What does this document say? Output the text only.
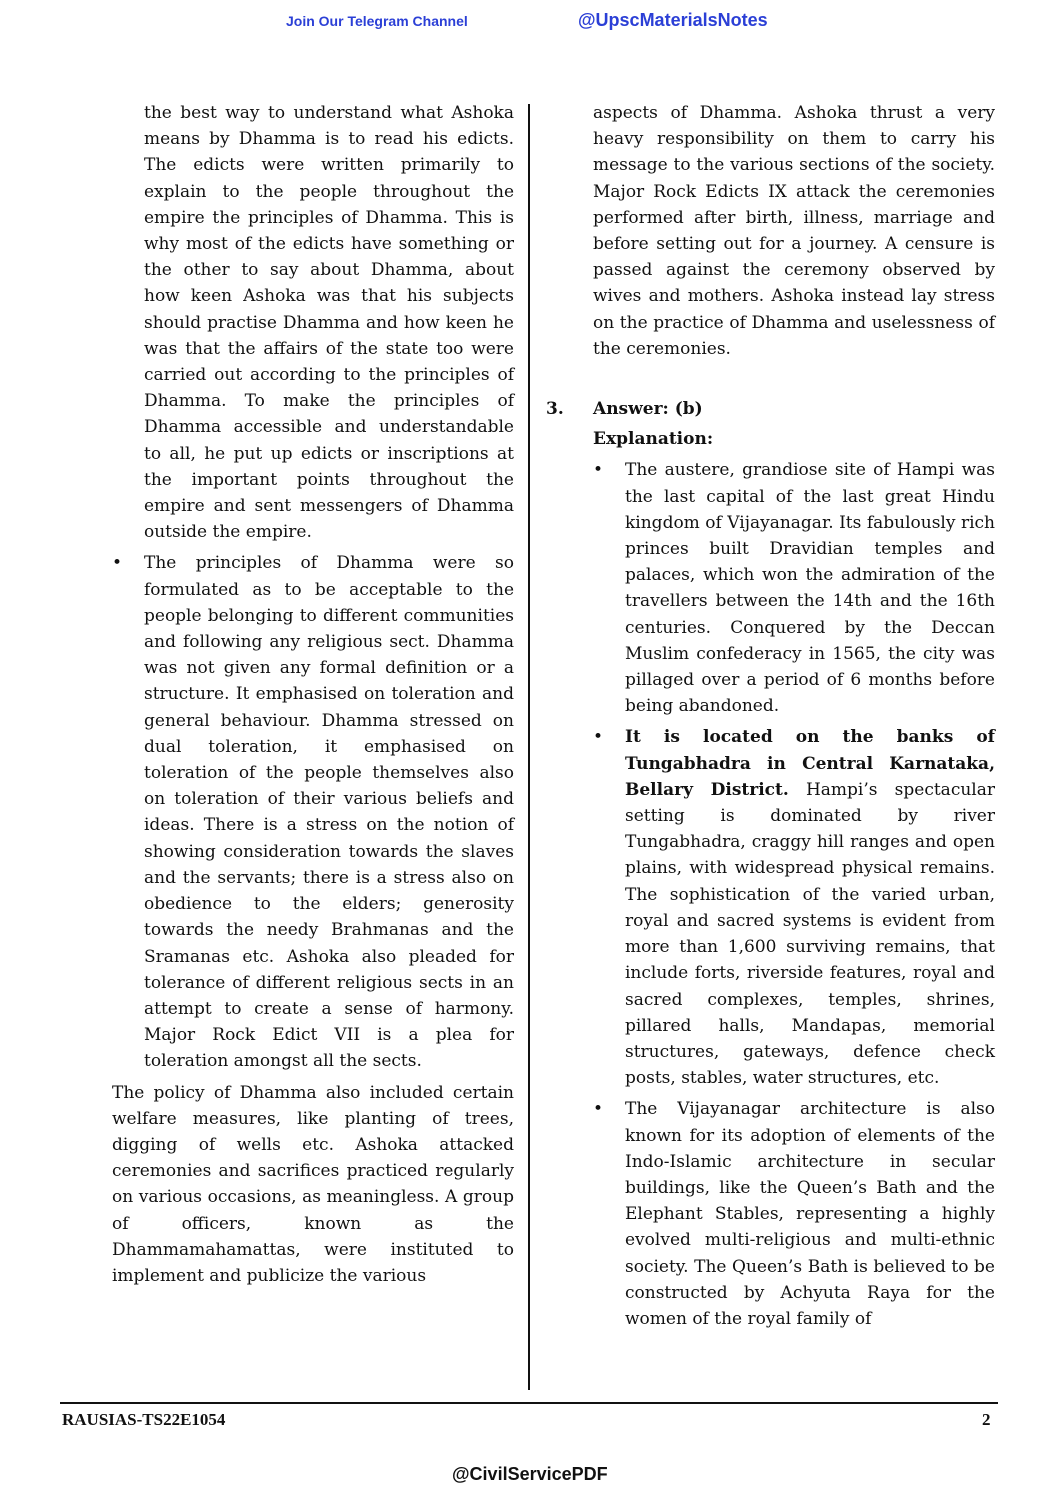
Join Our Telegram Channel	@UpscMaterialsNotes

the best way to understand what Ashoka means by Dhamma is to read his edicts. The edicts were written primarily to explain to the people throughout the empire the principles of Dhamma. This is why most of the edicts have something or the other to say about Dhamma, about how keen Ashoka was that his subjects should practise Dhamma and how keen he was that the affairs of the state too were carried out according to the principles of Dhamma. To make the principles of Dhamma accessible and understandable to all, he put up edicts or inscriptions at the important points throughout the empire and sent messengers of Dhamma outside the empire.

• The principles of Dhamma were so formulated as to be acceptable to the people belonging to different communities and following any religious sect. Dhamma was not given any formal definition or a structure. It emphasised on toleration and general behaviour. Dhamma stressed on dual toleration, it emphasised on toleration of the people themselves also on toleration of their various beliefs and ideas. There is a stress on the notion of showing consideration towards the slaves and the servants; there is a stress also on obedience to the elders; generosity towards the needy Brahmanas and the Sramanas etc. Ashoka also pleaded for tolerance of different religious sects in an attempt to create a sense of harmony. Major Rock Edict VII is a plea for toleration amongst all the sects.

The policy of Dhamma also included certain welfare measures, like planting of trees, digging of wells etc. Ashoka attacked ceremonies and sacrifices practiced regularly on various occasions, as meaningless. A group of officers, known as the Dhammamahamattas, were instituted to implement and publicize the various

aspects of Dhamma. Ashoka thrust a very heavy responsibility on them to carry his message to the various sections of the society. Major Rock Edicts IX attack the ceremonies performed after birth, illness, marriage and before setting out for a journey. A censure is passed against the ceremony observed by wives and mothers. Ashoka instead lay stress on the practice of Dhamma and uselessness of the ceremonies.

3. Answer: (b)
Explanation:
• The austere, grandiose site of Hampi was the last capital of the last great Hindu kingdom of Vijayanagar. Its fabulously rich princes built Dravidian temples and palaces, which won the admiration of the travellers between the 14th and the 16th centuries. Conquered by the Deccan Muslim confederacy in 1565, the city was pillaged over a period of 6 months before being abandoned.

• It is located on the banks of Tungabhadra in Central Karnataka, Bellary District. Hampi’s spectacular setting is dominated by river Tungabhadra, craggy hill ranges and open plains, with widespread physical remains. The sophistication of the varied urban, royal and sacred systems is evident from more than 1,600 surviving remains, that include forts, riverside features, royal and sacred complexes, temples, shrines, pillared halls, Mandapas, memorial structures, gateways, defence check posts, stables, water structures, etc.

• The Vijayanagar architecture is also known for its adoption of elements of the Indo-Islamic architecture in secular buildings, like the Queen’s Bath and the Elephant Stables, representing a highly evolved multi-religious and multi-ethnic society. The Queen’s Bath is believed to be constructed by Achyuta Raya for the women of the royal family of

RAUSIAS-TS22E1054	2
@CivilServicePDF
